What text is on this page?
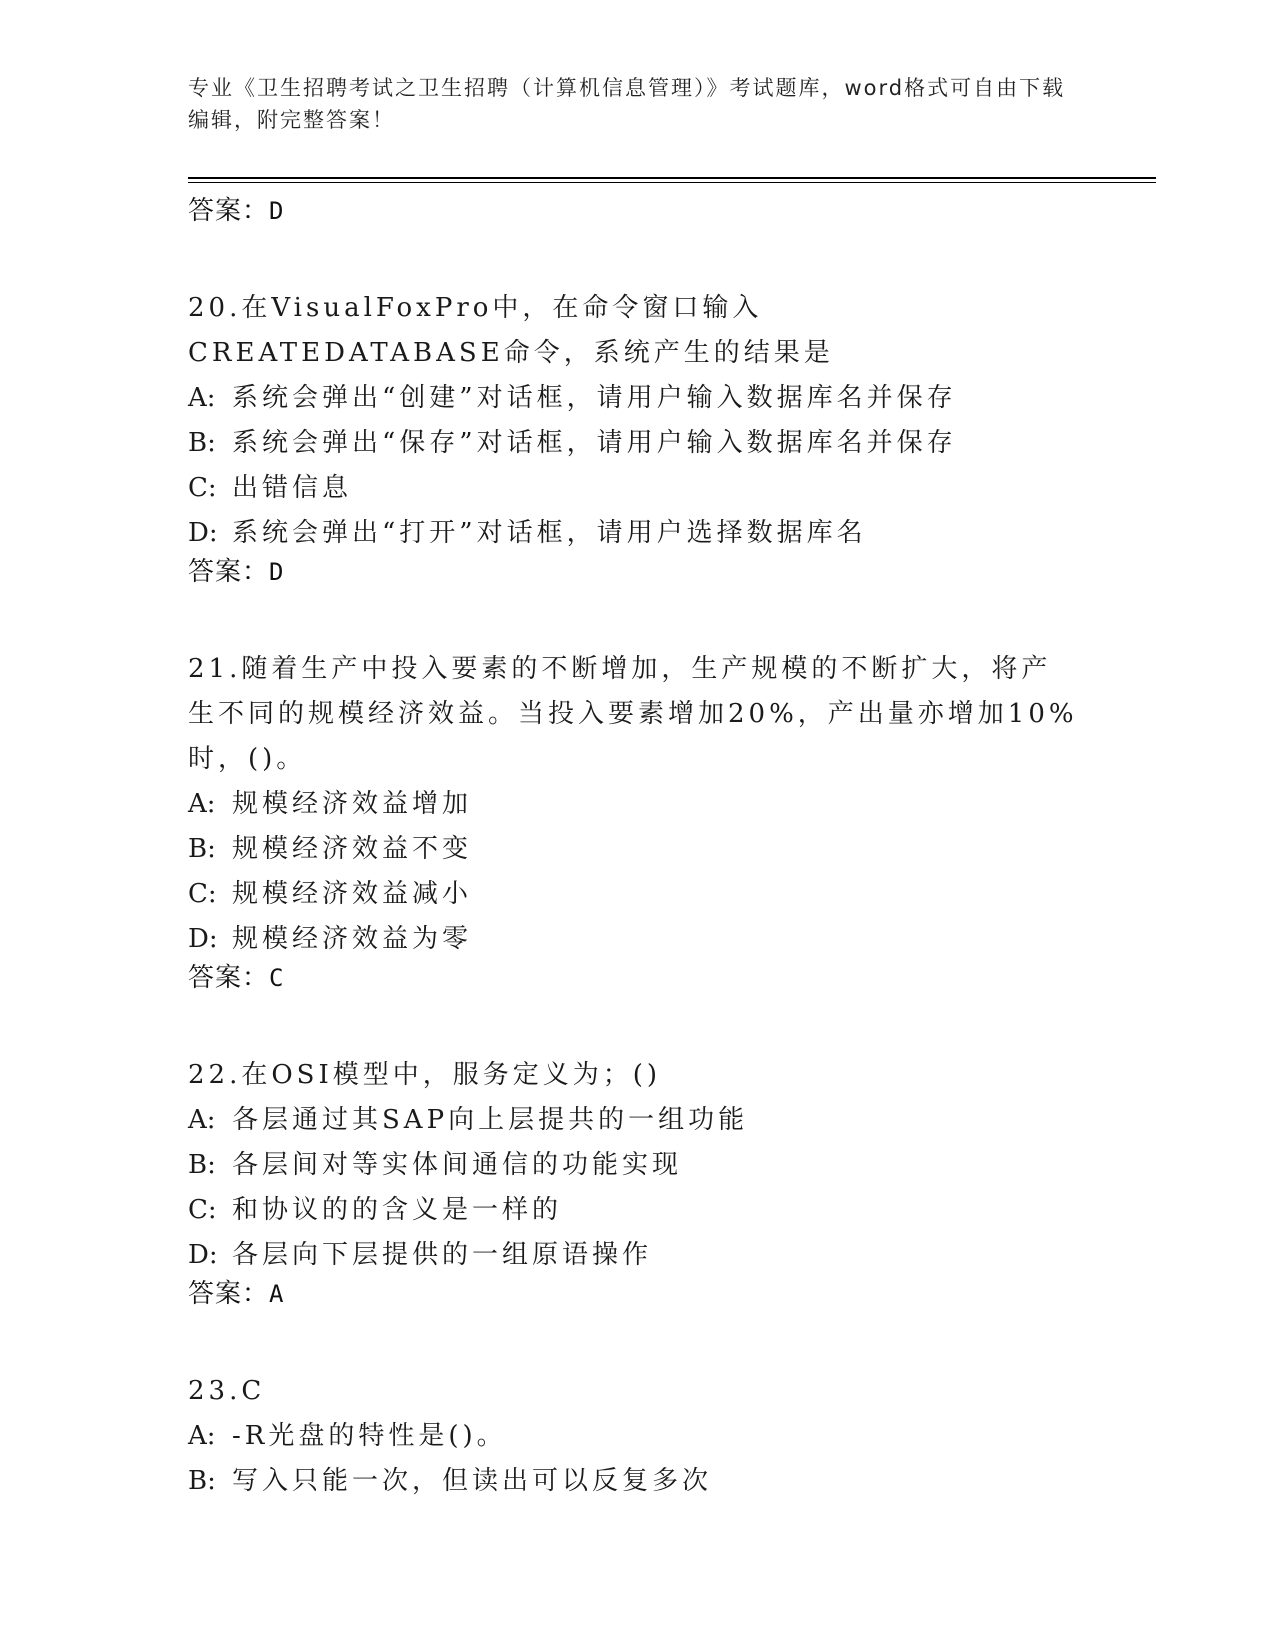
专业《卫生招聘考试之卫生招聘（计算机信息管理）》考试题库，word格式可自由下载编辑，附完整答案！
答案：D
20.在VisualFoxPro中，在命令窗口输入CREATEDATABASE命令，系统产生的结果是
A: 系统会弹出“创建”对话框，请用户输入数据库名并保存
B: 系统会弹出“保存”对话框，请用户输入数据库名并保存
C: 出错信息
D: 系统会弹出“打开”对话框，请用户选择数据库名
答案：D
21.随着生产中投入要素的不断增加，生产规模的不断扩大，将产生不同的规模经济效益。当投入要素增加20%，产出量亦增加10%时，()。
A: 规模经济效益增加
B: 规模经济效益不变
C: 规模经济效益减小
D: 规模经济效益为零
答案：C
22.在OSI模型中，服务定义为；()
A: 各层通过其SAP向上层提共的一组功能
B: 各层间对等实体间通信的功能实现
C: 和协议的的含义是一样的
D: 各层向下层提供的一组原语操作
答案：A
23.C
A: -R光盘的特性是()。
B: 写入只能一次，但读出可以反复多次
